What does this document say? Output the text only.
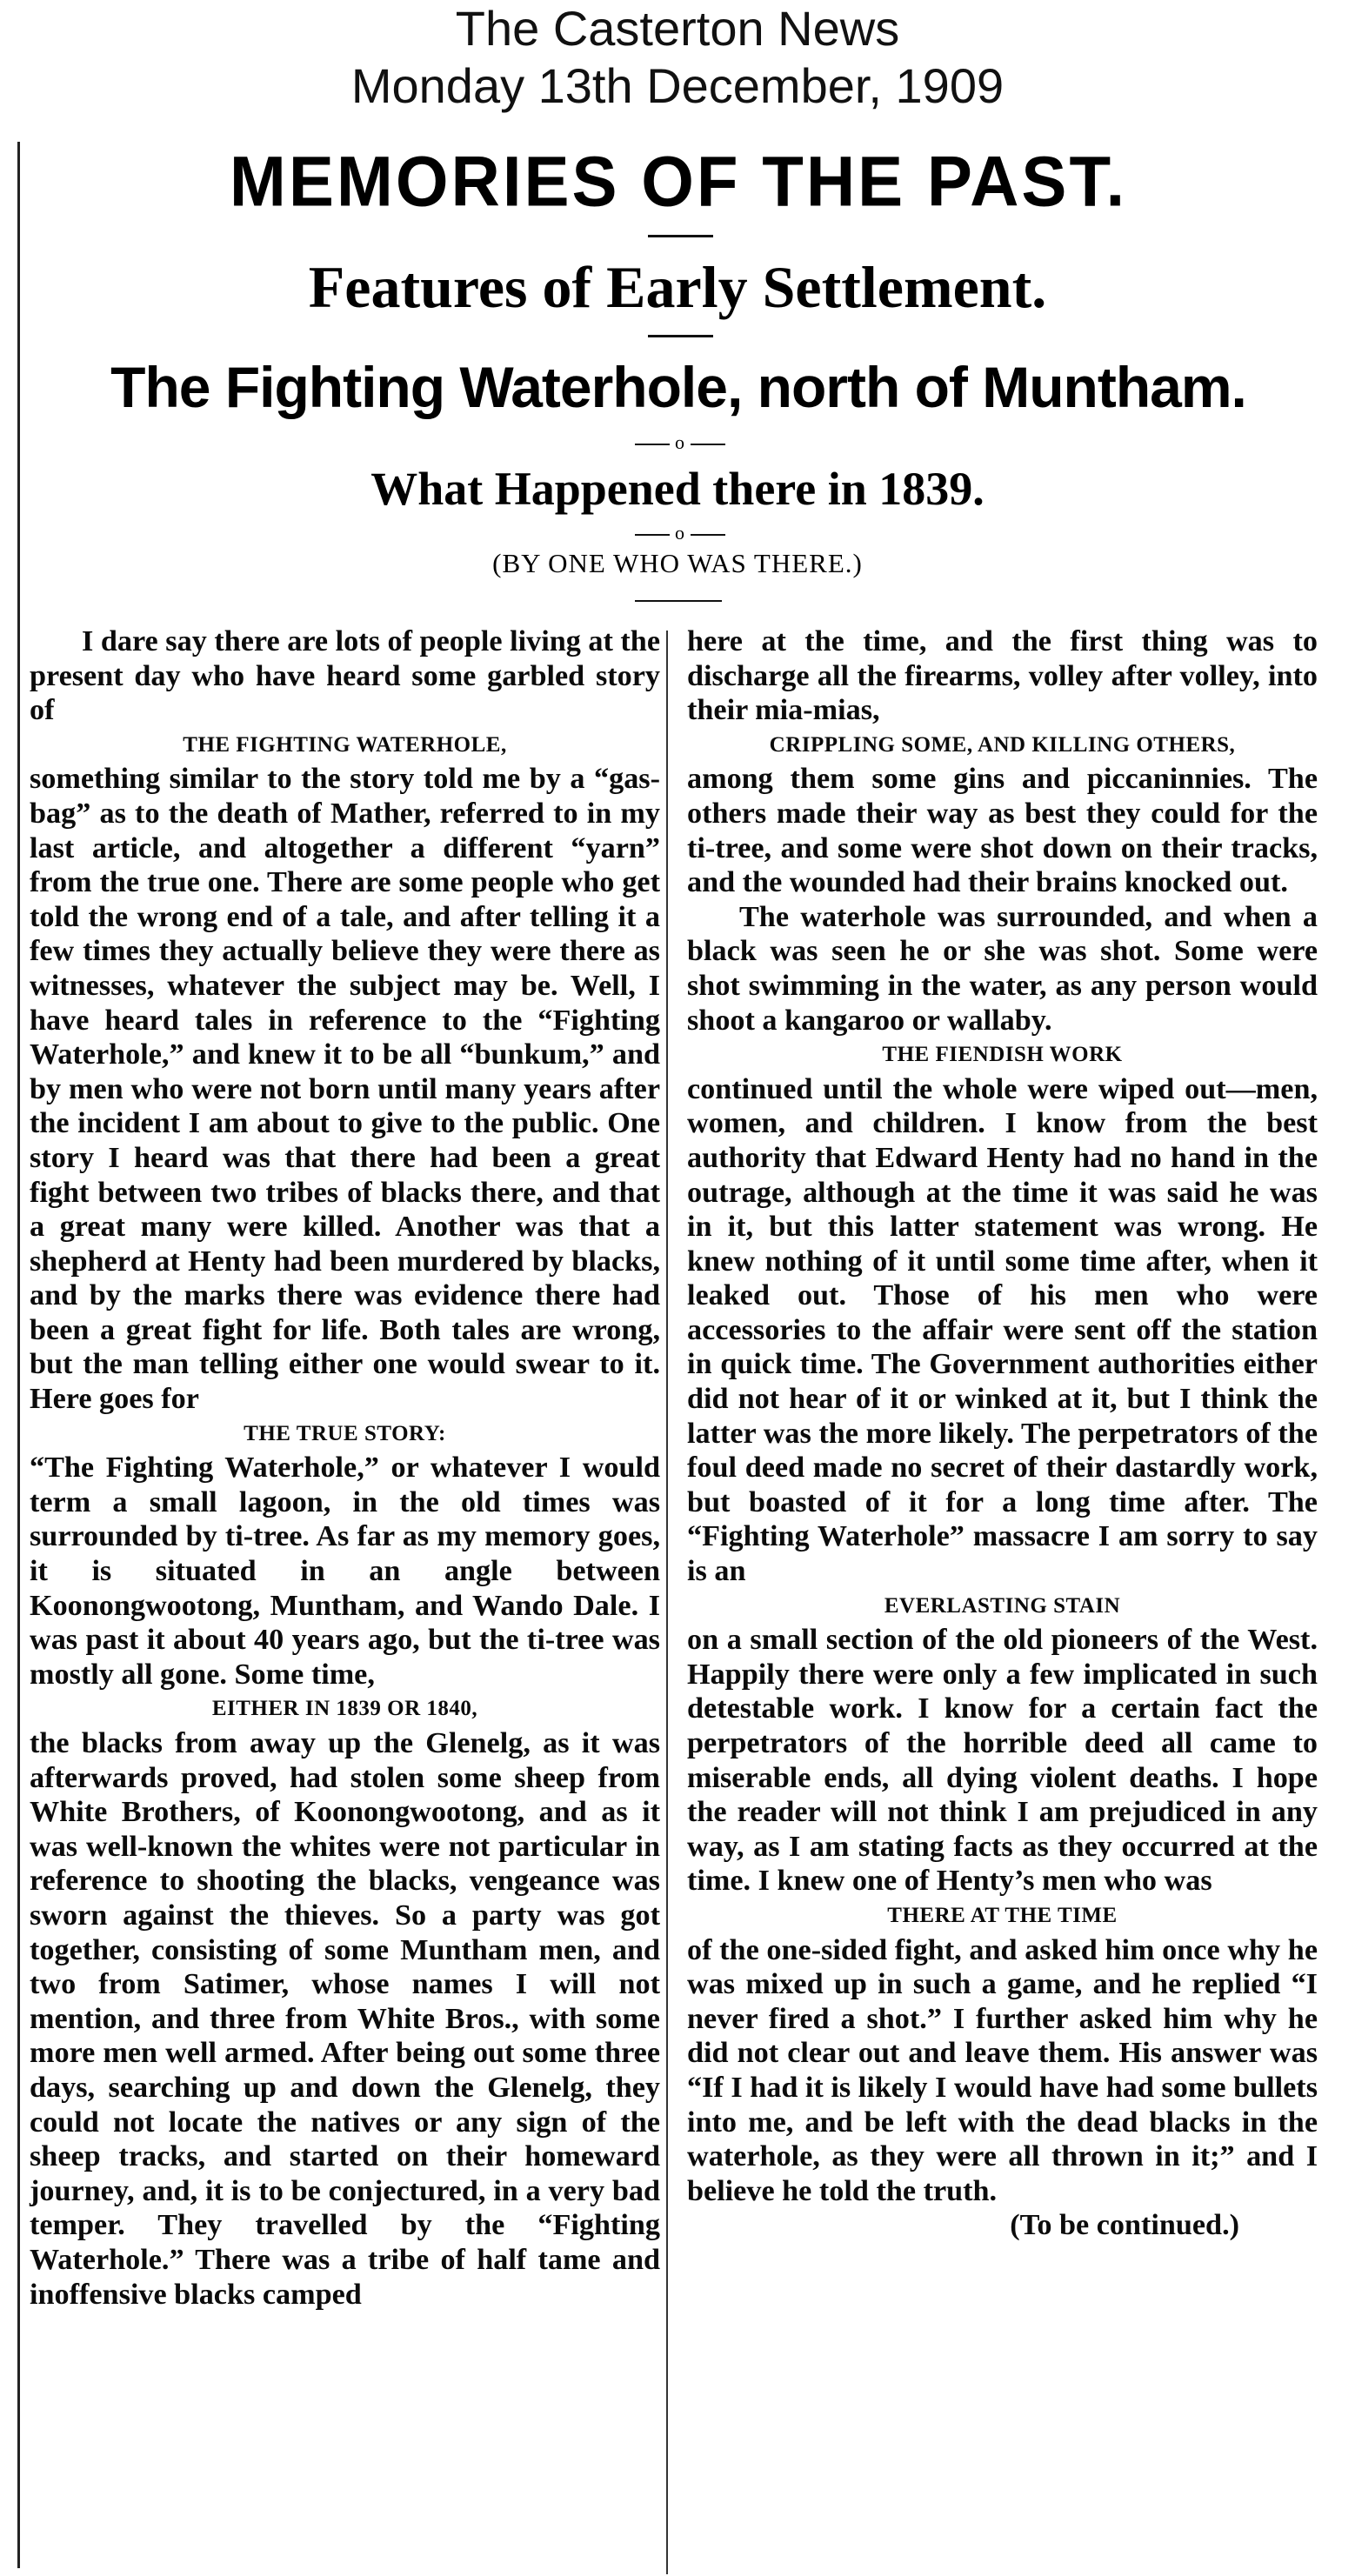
The Casterton News
Monday 13th December, 1909
MEMORIES OF THE PAST.
Features of Early Settlement.
The Fighting Waterhole, north of Muntham.
o
What Happened there in 1839.
o
(BY ONE WHO WAS THERE.)

I dare say there are lots of people living at the present day who have heard some garbled story of

THE FIGHTING WATERHOLE,

something similar to the story told me by a “gas-bag” as to the death of Mather, referred to in my last article, and altogether a different “yarn” from the true one. There are some people who get told the wrong end of a tale, and after telling it a few times they actually believe they were there as witnesses, whatever the subject may be. Well, I have heard tales in reference to the “Fighting Waterhole,” and knew it to be all “bunkum,” and by men who were not born until many years after the incident I am about to give to the public. One story I heard was that there had been a great fight between two tribes of blacks there, and that a great many were killed. Another was that a shepherd at Henty had been murdered by blacks, and by the marks there was evidence there had been a great fight for life. Both tales are wrong, but the man telling either one would swear to it. Here goes for

THE TRUE STORY:

“The Fighting Waterhole,” or whatever I would term a small lagoon, in the old times was surrounded by ti-tree. As far as my memory goes, it is situated in an angle between Koonongwootong, Muntham, and Wando Dale. I was past it about 40 years ago, but the ti-tree was mostly all gone. Some time,

EITHER IN 1839 OR 1840,

the blacks from away up the Glenelg, as it was afterwards proved, had stolen some sheep from White Brothers, of Koonongwootong, and as it was well-known the whites were not particular in reference to shooting the blacks, vengeance was sworn against the thieves. So a party was got together, consisting of some Muntham men, and two from Satimer, whose names I will not mention, and three from White Bros., with some more men well armed. After being out some three days, searching up and down the Glenelg, they could not locate the natives or any sign of the sheep tracks, and started on their homeward journey, and, it is to be conjectured, in a very bad temper. They travelled by the “Fighting Waterhole.” There was a tribe of half tame and inoffensive blacks camped

here at the time, and the first thing was to discharge all the firearms, volley after volley, into their mia-mias,

CRIPPLING SOME, AND KILLING OTHERS,

among them some gins and piccaninnies. The others made their way as best they could for the ti-tree, and some were shot down on their tracks, and the wounded had their brains knocked out.

The waterhole was surrounded, and when a black was seen he or she was shot. Some were shot swimming in the water, as any person would shoot a kangaroo or wallaby.

THE FIENDISH WORK

continued until the whole were wiped out—men, women, and children. I know from the best authority that Edward Henty had no hand in the outrage, although at the time it was said he was in it, but this latter statement was wrong. He knew nothing of it until some time after, when it leaked out. Those of his men who were accessories to the affair were sent off the station in quick time. The Government authorities either did not hear of it or winked at it, but I think the latter was the more likely. The perpetrators of the foul deed made no secret of their dastardly work, but boasted of it for a long time after. The “Fighting Waterhole” massacre I am sorry to say is an

EVERLASTING STAIN

on a small section of the old pioneers of the West. Happily there were only a few implicated in such detestable work. I know for a certain fact the perpetrators of the horrible deed all came to miserable ends, all dying violent deaths. I hope the reader will not think I am prejudiced in any way, as I am stating facts as they occurred at the time. I knew one of Henty’s men who was

THERE AT THE TIME

of the one-sided fight, and asked him once why he was mixed up in such a game, and he replied “I never fired a shot.” I further asked him why he did not clear out and leave them. His answer was “If I had it is likely I would have had some bullets into me, and be left with the dead blacks in the waterhole, as they were all thrown in it;” and I believe he told the truth.

(To be continued.)
